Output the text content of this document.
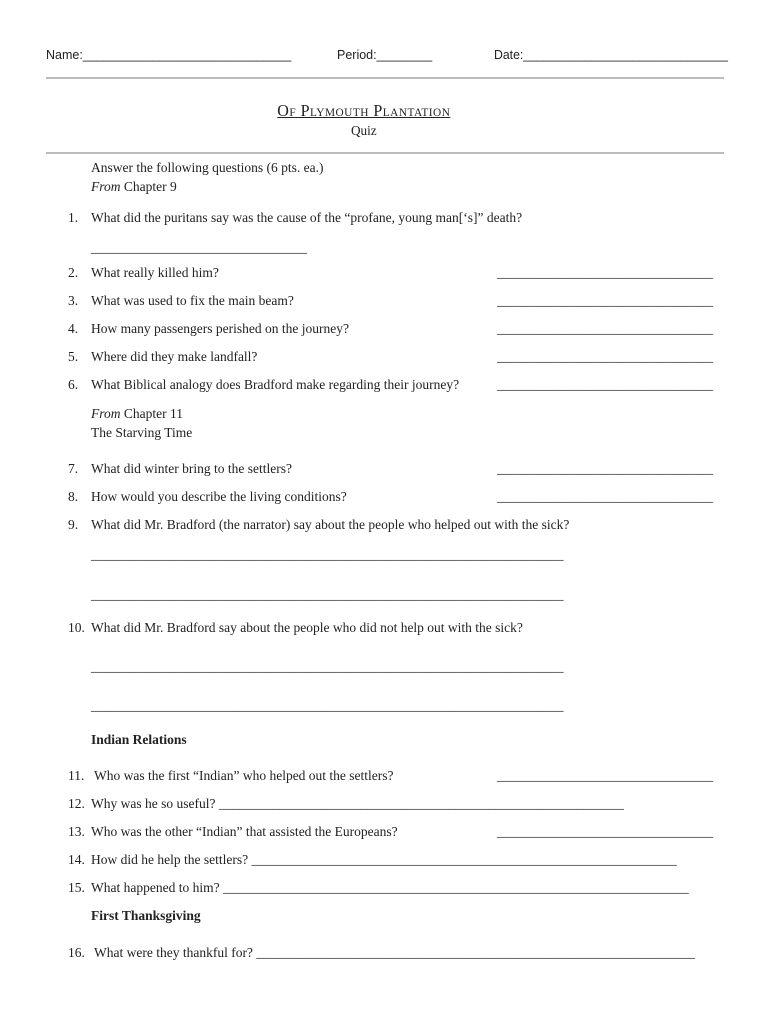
Name:______________________________	Period:________	Date:______________________________
Of Plymouth Plantation
Quiz
Answer the following questions (6 pts. ea.)
From Chapter 9
1. What did the puritans say was the cause of the “profane, young man[‘s]” death?
________________________________
2. What really killed him?	________________________________
3. What was used to fix the main beam?	________________________________
4. How many passengers perished on the journey?	________________________________
5. Where did they make landfall?	________________________________
6. What Biblical analogy does Bradford make regarding their journey?	________________________________
From Chapter 11
The Starving Time
7. What did winter bring to the settlers?	________________________________
8. How would you describe the living conditions?	________________________________
9. What did Mr. Bradford (the narrator) say about the people who helped out with the sick?
______________________________________________________________________
______________________________________________________________________
10. What did Mr. Bradford say about the people who did not help out with the sick?
______________________________________________________________________
______________________________________________________________________
Indian Relations
11. Who was the first “Indian” who helped out the settlers?	________________________________
12. Why was he so useful? ____________________________________________________________
13. Who was the other “Indian” that assisted the Europeans?	________________________________
14. How did he help the settlers? _______________________________________________________________
15. What happened to him? _____________________________________________________________________
First Thanksgiving
16. What were they thankful for? _________________________________________________________________
